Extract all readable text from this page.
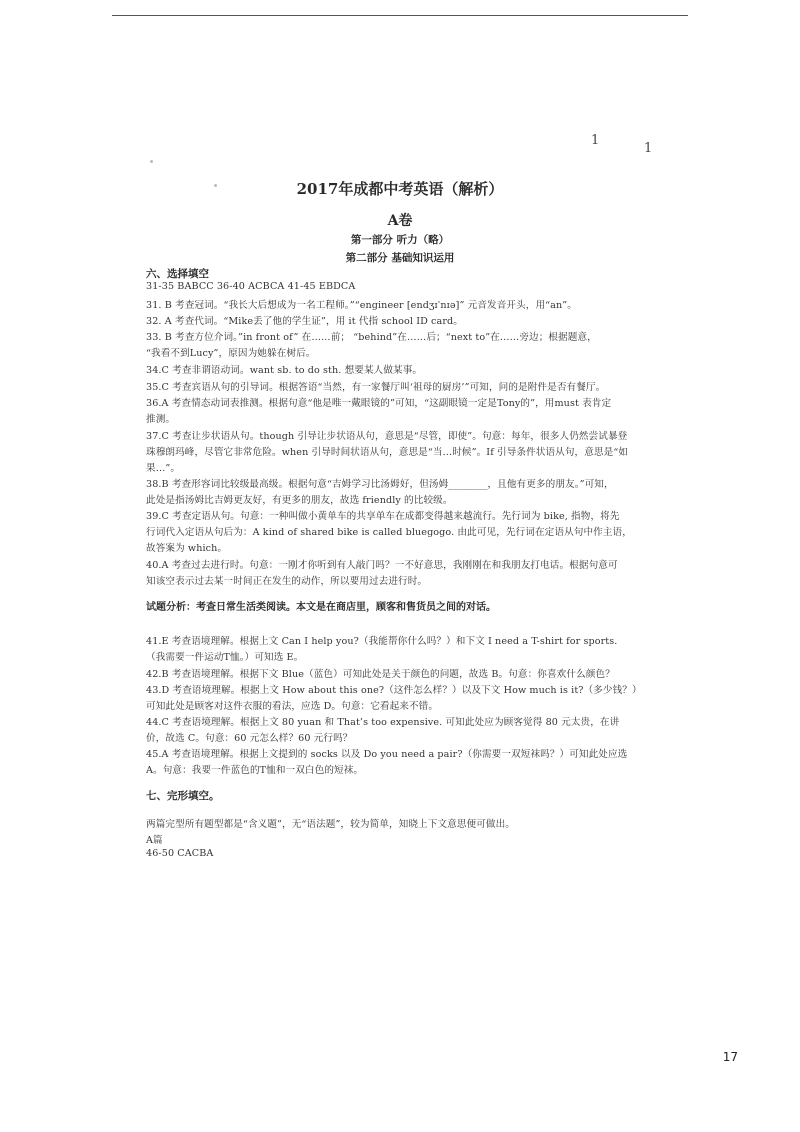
1
1
2017年成都中考英语（解析）
A卷
第一部分 听力（略）
第二部分 基础知识运用
六、选择填空
31-35 BABCC 36-40 ACBCA 41-45 EBDCA
31. B 考查冠词。“我长大后想成为一名工程师。”“engineer [endʒɪˈnɪə]” 元音发音开头，用“an”。
32. A 考查代词。“Mike丢了他的学生证”，用 it 代指 school ID card。
33. B 考查方位介词。”in front of” 在……前； “behind”在……后；“next to”在……旁边；根据题意，
“我看不到Lucy”，原因为她躲在树后。
34.C 考查非谓语动词。want sb. to do sth. 想要某人做某事。
35.C 考查宾语从句的引导词。根据答语“当然，有一家餐厅叫‘祖母的厨房’”可知，问的是附件是否有餐厅。
36.A 考查情态动词表推测。根据句意“他是唯一戴眼镜的”可知，“这副眼镜一定是Tony的”，用must 表肯定
推测。
37.C 考查让步状语从句。though 引导让步状语从句，意思是“尽管，即使”。句意：每年，很多人仍然尝试暴登
珠穆朗玛峰，尽管它非常危险。when 引导时间状语从句，意思是“当…时候”。If 引导条件状语从句，意思是“如
果…”。
38.B 考查形容词比较级最高级。根据句意“吉姆学习比汤姆好，但汤姆________，且他有更多的朋友。”可知，
此处是指汤姆比吉姆更友好，有更多的朋友，故选 friendly 的比较级。
39.C 考查定语从句。句意：一种叫做小黄单车的共享单车在成都变得越来越流行。先行词为 bike, 指物，将先
行词代入定语从句后为：A kind of shared bike is called bluegogo. 由此可见，先行词在定语从句中作主语，
故答案为 which。
40.A 考查过去进行时。句意：一刚才你听到有人敲门吗？一不好意思，我刚刚在和我朋友打电话。根据句意可
知该空表示过去某一时间正在发生的动作，所以要用过去进行时。
试题分析：考查日常生活类阅读。本文是在商店里，顾客和售货员之间的对话。
41.E 考查语境理解。根据上文 Can I help you?（我能帮你什么吗？）和下文 I need a T-shirt for sports.
（我需要一件运动T恤。）可知选 E。
42.B 考查语境理解。根据下文 Blue（蓝色）可知此处是关于颜色的问题，故选 B。句意：你喜欢什么颜色？
43.D 考查语境理解。根据上文 How about this one?（这件怎么样？）以及下文 How much is it?（多少钱？）
可知此处是顾客对这件衣服的看法，应选 D。句意：它看起来不错。
44.C 考查语境理解。根据上文 80 yuan 和 That’s too expensive. 可知此处应为顾客觉得 80 元太贵，在讲
价，故选 C。句意：60 元怎么样？60 元行吗？
45.A 考查语境理解。根据上文提到的 socks 以及 Do you need a pair?（你需要一双短袜吗？）可知此处应选
A。句意：我要一件蓝色的T恤和一双白色的短袜。
七、完形填空。
两篇完型所有题型都是“含义题”，无“语法题”，较为简单，知晓上下文意思便可做出。
A篇
46-50 CACBA
17
